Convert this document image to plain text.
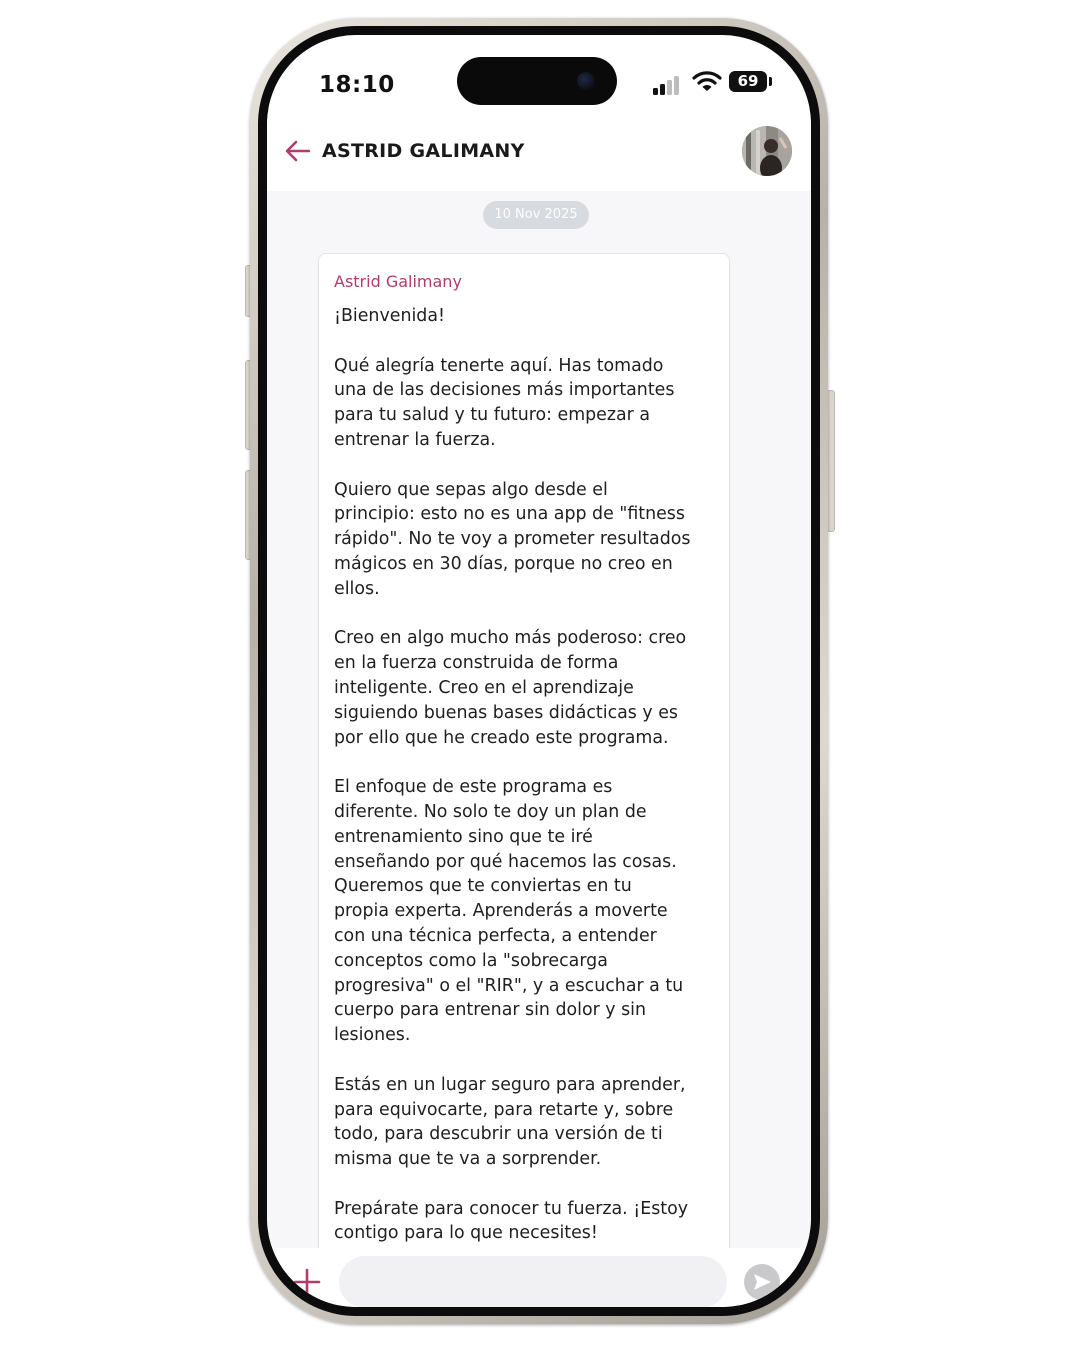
18:10	69
ASTRID GALIMANY
10 Nov 2025
Astrid Galimany
¡Bienvenida!

Qué alegría tenerte aquí. Has tomado
una de las decisiones más importantes
para tu salud y tu futuro: empezar a
entrenar la fuerza.

Quiero que sepas algo desde el
principio: esto no es una app de "fitness
rápido". No te voy a prometer resultados
mágicos en 30 días, porque no creo en
ellos.

Creo en algo mucho más poderoso: creo
en la fuerza construida de forma
inteligente. Creo en el aprendizaje
siguiendo buenas bases didácticas y es
por ello que he creado este programa.

El enfoque de este programa es
diferente. No solo te doy un plan de
entrenamiento sino que te iré
enseñando por qué hacemos las cosas.
Queremos que te conviertas en tu
propia experta. Aprenderás a moverte
con una técnica perfecta, a entender
conceptos como la "sobrecarga
progresiva" o el "RIR", y a escuchar a tu
cuerpo para entrenar sin dolor y sin
lesiones.

Estás en un lugar seguro para aprender,
para equivocarte, para retarte y, sobre
todo, para descubrir una versión de ti
misma que te va a sorprender.

Prepárate para conocer tu fuerza. ¡Estoy
contigo para lo que necesites!
